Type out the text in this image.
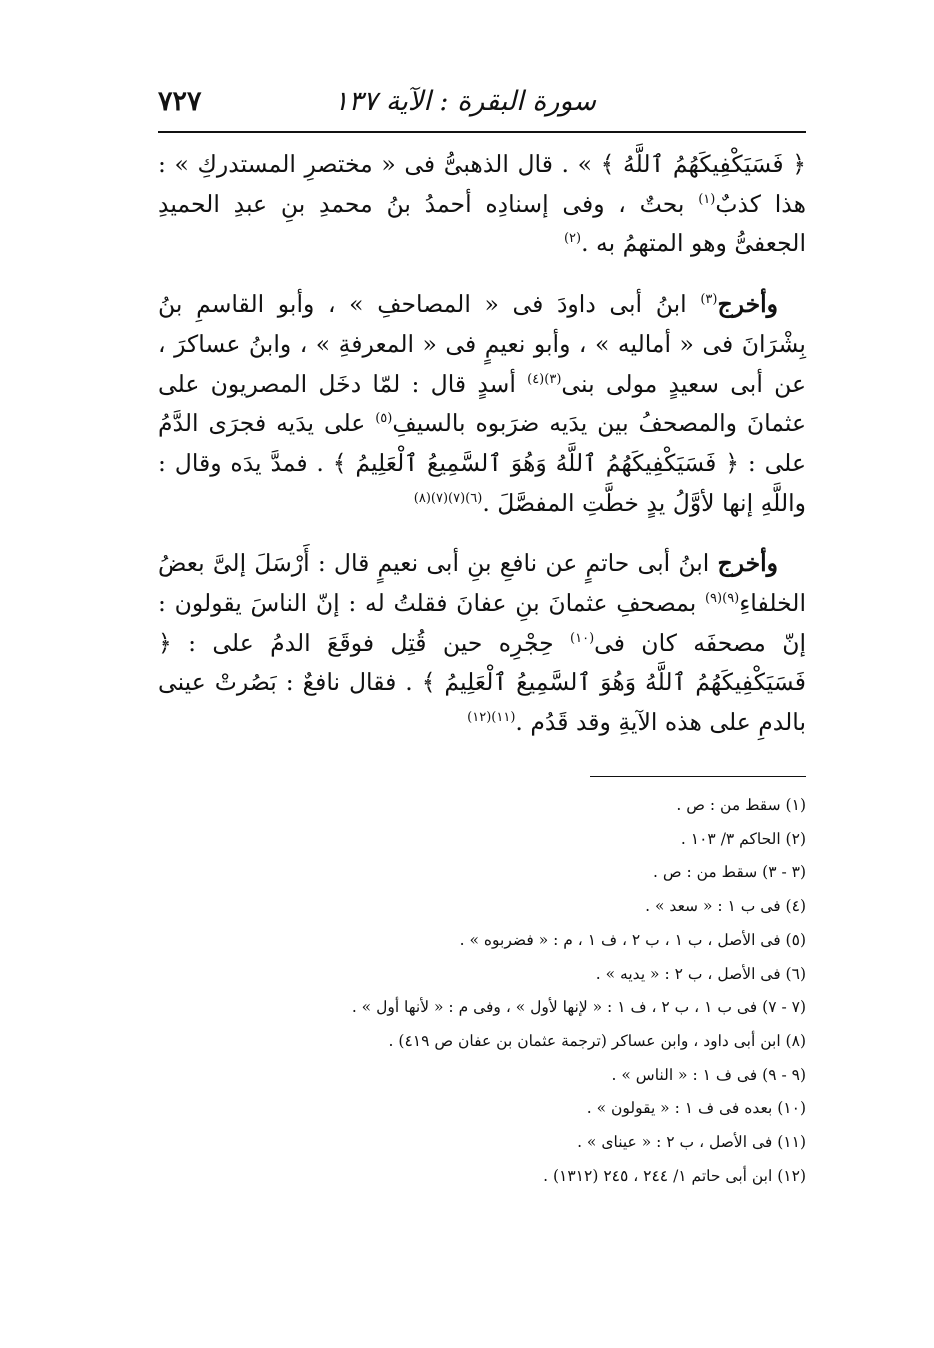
سورة البقرة : الآية ١٣٧
٧٢٧

﴿ فَسَيَكْفِيكَهُمُ ٱللَّهُ ﴾ » . قال الذهبىُّ فى « مختصرِ المستدركِ » : هذا كذبٌ$^{(١)}$ بحتٌ ، وفى إسنادِه أحمدُ بنُ محمدِ بنِ عبدِ الحميدِ الجعفىُّ وهو المتهمُ به .$^{(٢)}$

وأخرج$^{(٣)}$ ابنُ أبى داودَ فى « المصاحفِ » ، وأبو القاسمِ بنُ بِشْرَانَ فى « أماليه » ، وأبو نعيمٍ فى « المعرفةِ » ، وابنُ عساكرَ ، عن أبى سعيدٍ مولى بنى$^{(٣)(٤)}$ أسدٍ قال : لمّا دخَل المصريون على عثمانَ والمصحفُ بين يدَيه ضرَبوه بالسيفِ$^{(٥)}$ على يدَيه فجرَى الدَّمُ على : ﴿ فَسَيَكْفِيكَهُمُ ٱللَّهُ وَهُوَ ٱلسَّمِيعُ ٱلْعَلِيمُ ﴾ . فمدَّ يدَه وقال : واللَّهِ إنها لأوَّلُ يدٍ خطَّتِ المفصَّلَ .$^{(٦)(٧)(٧)(٨)}$

وأخرج ابنُ أبى حاتمٍ عن نافعِ بنِ أبى نعيمٍ قال : أَرْسَلَ إلىَّ بعضُ الخلفاءِ$^{(٩)(٩)}$ بمصحفِ عثمانَ بنِ عفانَ فقلتُ له : إنّ الناسَ يقولون : إنّ مصحفَه كان فى$^{(١٠)}$ حِجْرِه حين قُتِل فوقَعَ الدمُ على : ﴿ فَسَيَكْفِيكَهُمُ ٱللَّهُ وَهُوَ ٱلسَّمِيعُ ٱلْعَلِيمُ ﴾ . فقال نافعٌ : بَصُرتْ عينى بالدمِ على هذه الآيةِ وقد قَدُم .$^{(١١)(١٢)}$

(١) سقط من : ص .
(٢) الحاكم ٣/ ١٠٣ .
(٣ - ٣) سقط من : ص .
(٤) فى ب ١ : « سعد » .
(٥) فى الأصل ، ب ١ ، ب ٢ ، ف ١ ، م : « فضربوه » .
(٦) فى الأصل ، ب ٢ : « يديه » .
(٧ - ٧) فى ب ١ ، ب ٢ ، ف ١ : « لإنها لأول » ، وفى م : « لأنها أول » .
(٨) ابن أبى داود ، وابن عساكر (ترجمة عثمان بن عفان ص ٤١٩) .
(٩ - ٩) فى ف ١ : « الناس » .
(١٠) بعده فى ف ١ : « يقولون » .
(١١) فى الأصل ، ب ٢ : « عيناى » .
(١٢) ابن أبى حاتم ١/ ٢٤٤ ، ٢٤٥ (١٣١٢) .
